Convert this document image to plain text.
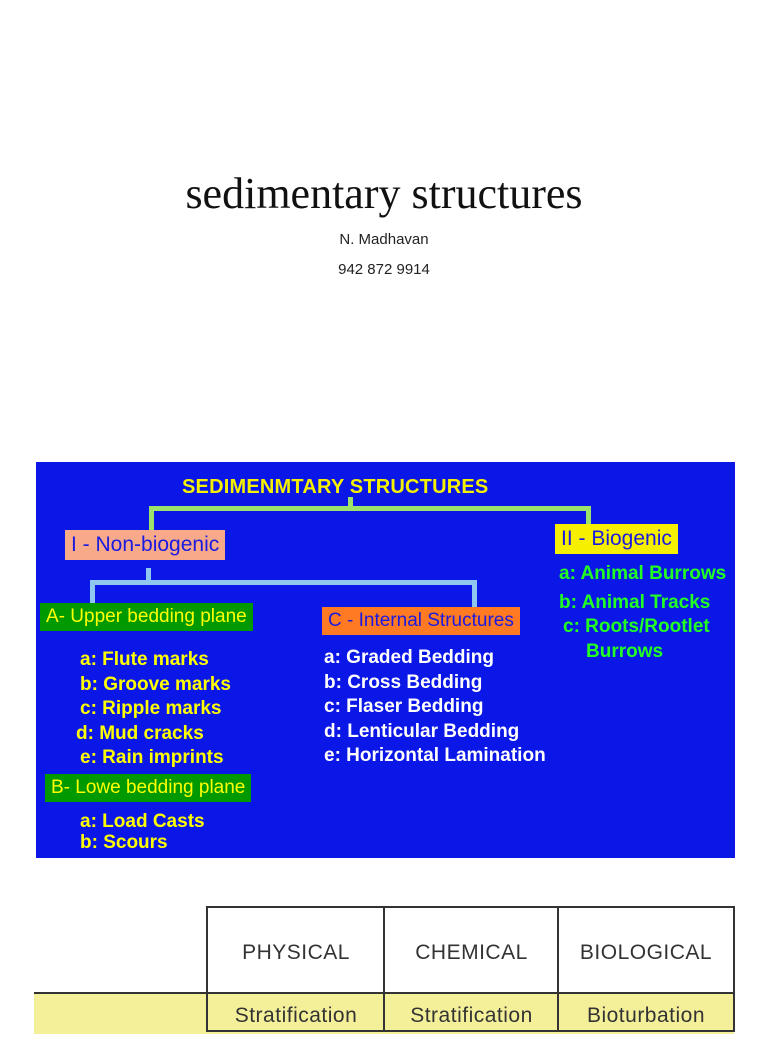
sedimentary structures
N. Madhavan
942 872 9914
SEDIMENMTARY STRUCTURES
I - Non-biogenic	II - Biogenic
A- Upper bedding plane
a: Flute marks
b: Groove marks
c: Ripple marks
d: Mud cracks
e: Rain imprints
C - Internal Structures
a: Graded Bedding
b: Cross Bedding
c: Flaser Bedding
d: Lenticular Bedding
e: Horizontal Lamination
a: Animal Burrows
b: Animal Tracks
c: Roots/Rootlet
Burrows
B- Lowe bedding plane
a: Load Casts
b: Scours
PHYSICAL	CHEMICAL	BIOLOGICAL
Stratification	Stratification	Bioturbation
